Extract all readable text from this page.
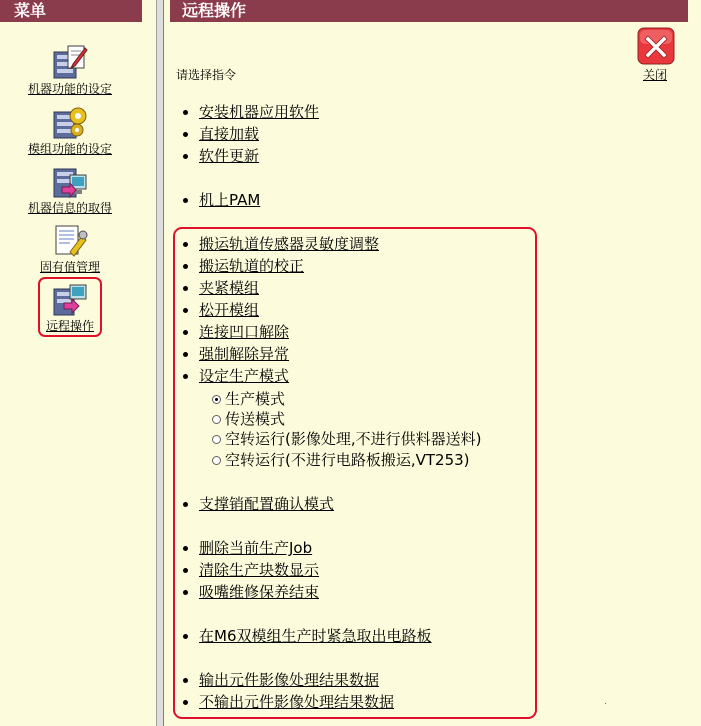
菜单
机器功能的设定
模组功能的设定
机器信息的取得
固有值管理
远程操作
远程操作
关闭
请选择指令
安装机器应用软件
直接加载
软件更新
机上PAM
搬运轨道传感器灵敏度调整
搬运轨道的校正
夹紧模组
松开模组
连接凹口解除
强制解除异常
设定生产模式
生产模式
传送模式
空转运行(影像处理,不进行供料器送料)
空转运行(不进行电路板搬运,VT253)
支撑销配置确认模式
删除当前生产Job
清除生产块数显示
吸嘴维修保养结束
在M6双模组生产时紧急取出电路板
输出元件影像处理结果数据
不输出元件影像处理结果数据
